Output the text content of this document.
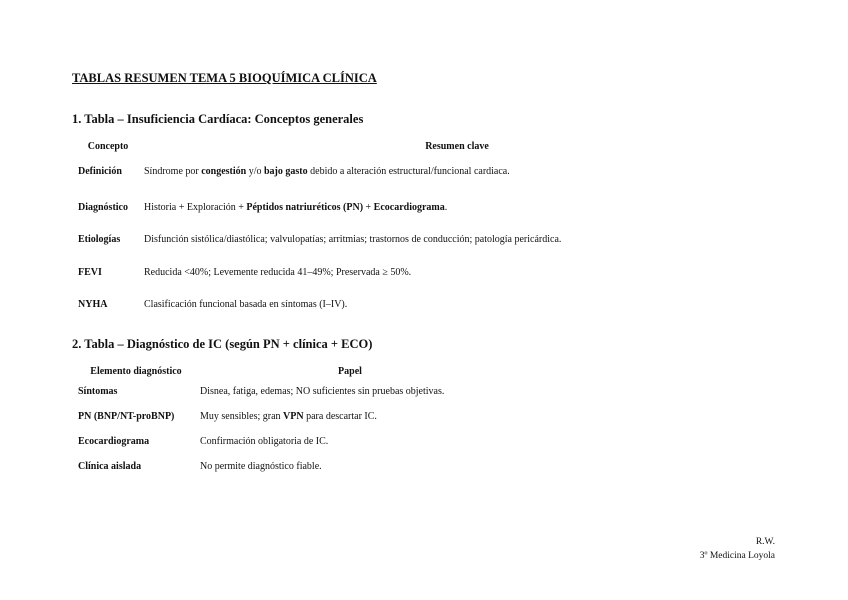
TABLAS RESUMEN TEMA 5 BIOQUÍMICA CLÍNICA
1. Tabla – Insuficiencia Cardíaca: Conceptos generales
Concepto	Resumen clave
Definición	Síndrome por congestión y/o bajo gasto debido a alteración estructural/funcional cardiaca.
Diagnóstico	Historia + Exploración + Péptidos natriuréticos (PN) + Ecocardiograma.
Etiologías	Disfunción sistólica/diastólica; valvulopatías; arritmias; trastornos de conducción; patología pericárdica.
FEVI	Reducida <40%; Levemente reducida 41–49%; Preservada ≥ 50%.
NYHA	Clasificación funcional basada en síntomas (I–IV).
2. Tabla – Diagnóstico de IC (según PN + clínica + ECO)
Elemento diagnóstico	Papel
Síntomas	Disnea, fatiga, edemas; NO suficientes sin pruebas objetivas.
PN (BNP/NT-proBNP)	Muy sensibles; gran VPN para descartar IC.
Ecocardiograma	Confirmación obligatoria de IC.
Clínica aislada	No permite diagnóstico fiable.
R.W.
3º Medicina Loyola
